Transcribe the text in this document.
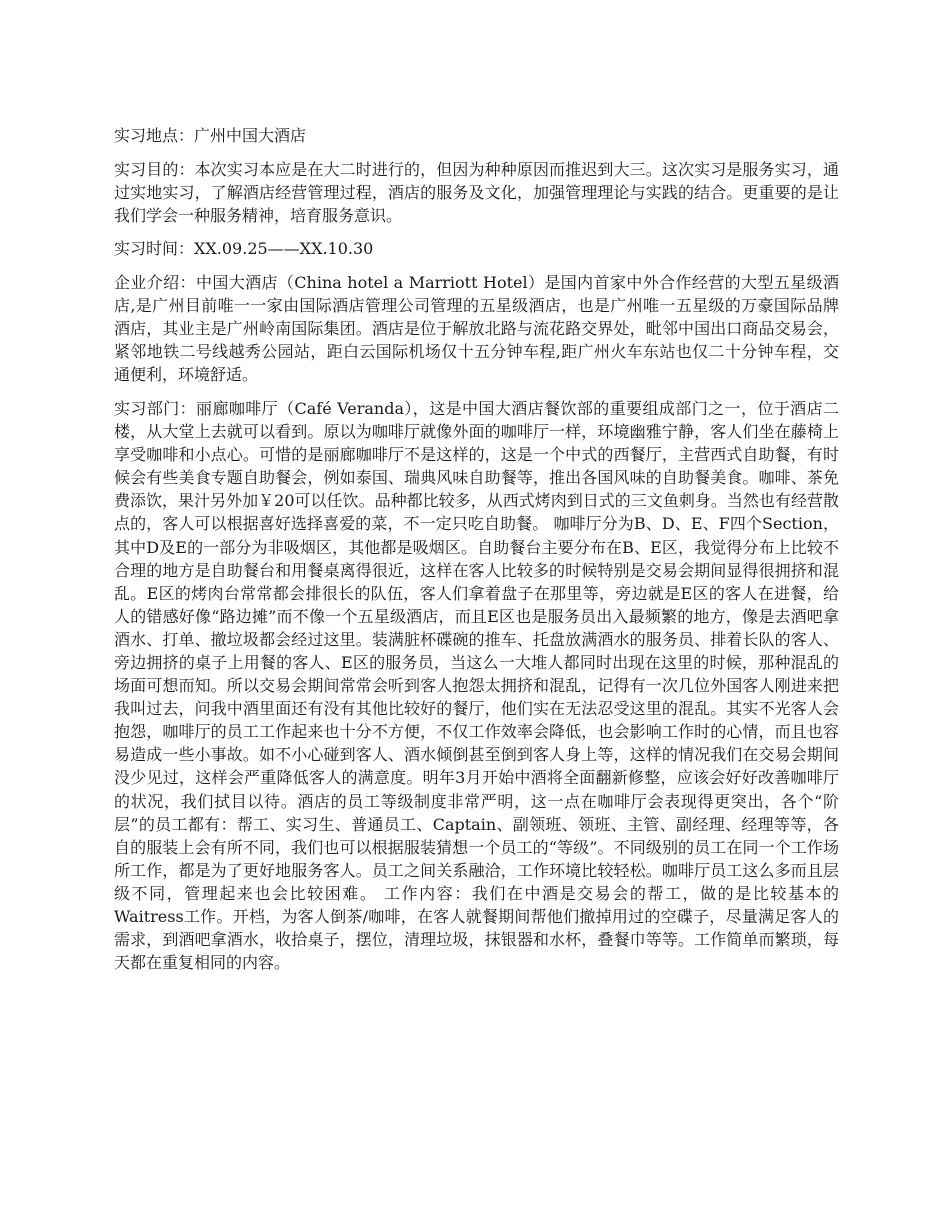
实习地点：广州中国大酒店

实习目的：本次实习本应是在大二时进行的，但因为种种原因而推迟到大三。这次实习是服务实习，通过实地实习，了解酒店经营管理过程，酒店的服务及文化，加强管理理论与实践的结合。更重要的是让我们学会一种服务精神，培育服务意识。

实习时间：XX.09.25——XX.10.30

企业介绍：中国大酒店（China hotel a Marriott Hotel）是国内首家中外合作经营的大型五星级酒店,是广州目前唯一一家由国际酒店管理公司管理的五星级酒店，也是广州唯一五星级的万豪国际品牌酒店，其业主是广州岭南国际集团。酒店是位于解放北路与流花路交界处，毗邻中国出口商品交易会，紧邻地铁二号线越秀公园站，距白云国际机场仅十五分钟车程,距广州火车东站也仅二十分钟车程，交通便利，环境舒适。

实习部门：丽廊咖啡厅（Café Veranda），这是中国大酒店餐饮部的重要组成部门之一，位于酒店二楼，从大堂上去就可以看到。原以为咖啡厅就像外面的咖啡厅一样，环境幽雅宁静，客人们坐在藤椅上享受咖啡和小点心。可惜的是丽廊咖啡厅不是这样的，这是一个中式的西餐厅，主营西式自助餐，有时候会有些美食专题自助餐会，例如泰国、瑞典风味自助餐等，推出各国风味的自助餐美食。咖啡、茶免费添饮，果汁另外加￥20可以任饮。品种都比较多，从西式烤肉到日式的三文鱼刺身。当然也有经营散点的，客人可以根据喜好选择喜爱的菜，不一定只吃自助餐。 咖啡厅分为B、D、E、F四个Section，其中D及E的一部分为非吸烟区，其他都是吸烟区。自助餐台主要分布在B、E区，我觉得分布上比较不合理的地方是自助餐台和用餐桌离得很近，这样在客人比较多的时候特别是交易会期间显得很拥挤和混乱。E区的烤肉台常常都会排很长的队伍，客人们拿着盘子在那里等，旁边就是E区的客人在进餐，给人的错感好像“路边摊”而不像一个五星级酒店，而且E区也是服务员出入最频繁的地方，像是去酒吧拿酒水、打单、撤垃圾都会经过这里。装满脏杯碟碗的推车、托盘放满酒水的服务员、排着长队的客人、旁边拥挤的桌子上用餐的客人、E区的服务员，当这么一大堆人都同时出现在这里的时候，那种混乱的场面可想而知。所以交易会期间常常会听到客人抱怨太拥挤和混乱，记得有一次几位外国客人刚进来把我叫过去，问我中酒里面还有没有其他比较好的餐厅，他们实在无法忍受这里的混乱。其实不光客人会抱怨，咖啡厅的员工工作起来也十分不方便，不仅工作效率会降低，也会影响工作时的心情，而且也容易造成一些小事故。如不小心碰到客人、酒水倾倒甚至倒到客人身上等，这样的情况我们在交易会期间没少见过，这样会严重降低客人的满意度。明年3月开始中酒将全面翻新修整，应该会好好改善咖啡厅的状况，我们拭目以待。酒店的员工等级制度非常严明，这一点在咖啡厅会表现得更突出，各个“阶层”的员工都有：帮工、实习生、普通员工、Captain、副领班、领班、主管、副经理、经理等等，各自的服装上会有所不同，我们也可以根据服装猜想一个员工的“等级”。不同级别的员工在同一个工作场所工作，都是为了更好地服务客人。员工之间关系融洽，工作环境比较轻松。咖啡厅员工这么多而且层级不同，管理起来也会比较困难。 工作内容：我们在中酒是交易会的帮工，做的是比较基本的Waitress工作。开档，为客人倒茶/咖啡，在客人就餐期间帮他们撤掉用过的空碟子，尽量满足客人的需求，到酒吧拿酒水，收拾桌子，摆位，清理垃圾，抹银器和水杯，叠餐巾等等。工作简单而繁琐，每天都在重复相同的内容。
